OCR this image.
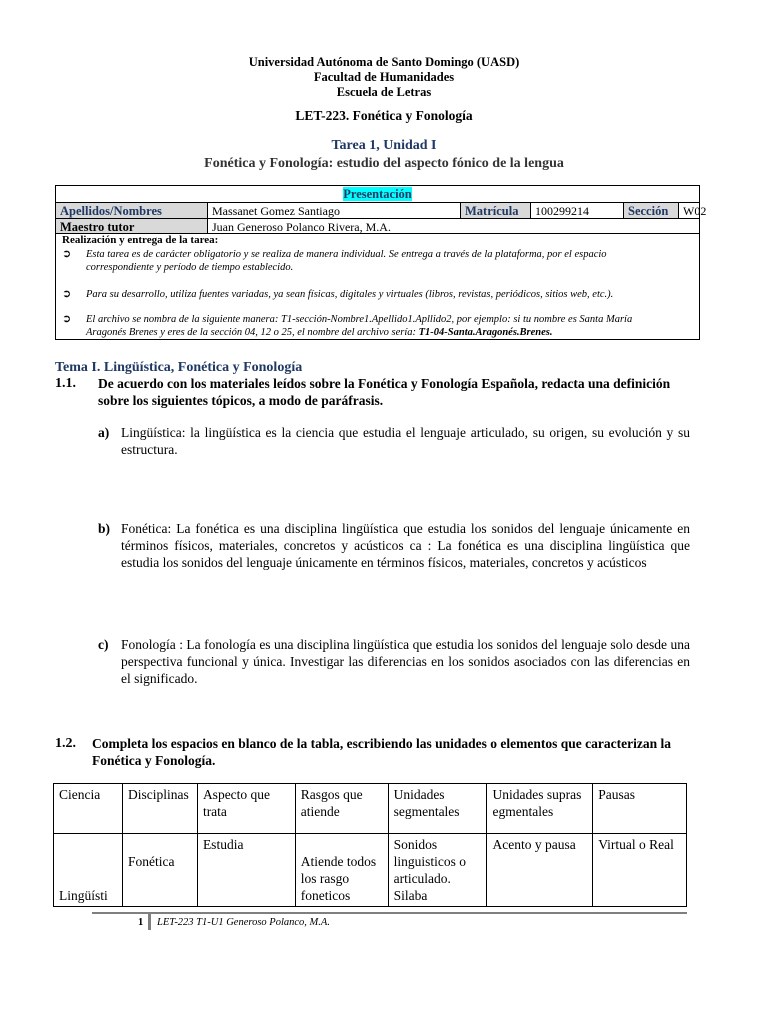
Universidad Autónoma de Santo Domingo (UASD)
Facultad de Humanidades
Escuela de Letras
LET-223. Fonética y Fonología
Tarea 1, Unidad I
Fonética y Fonología: estudio del aspecto fónico de la lengua
Presentación
Apellidos/Nombres	Massanet Gomez Santiago	Matrícula	100299214	Sección	W02
Maestro tutor	Juan Generoso Polanco Rivera, M.A.
Realización y entrega de la tarea:
➲ Esta tarea es de carácter obligatorio y se realiza de manera individual. Se entrega a través de la plataforma, por el espacio
correspondiente y período de tiempo establecido.
➲ Para su desarrollo, utiliza fuentes variadas, ya sean físicas, digitales y virtuales (libros, revistas, periódicos, sitios web, etc.).
➲ El archivo se nombra de la siguiente manera: T1-sección-Nombre1.Apellido1.Apllido2, por ejemplo: si tu nombre es Santa María
Aragonés Brenes y eres de la sección 04, 12 o 25, el nombre del archivo sería: T1-04-Santa.Aragonés.Brenes.
Tema I. Lingüística, Fonética y Fonología
1.1. De acuerdo con los materiales leídos sobre la Fonética y Fonología Española, redacta una definición
sobre los siguientes tópicos, a modo de paráfrasis.
a) Lingüística: la lingüística es la ciencia que estudia el lenguaje articulado, su origen, su evolución y su estructura.
b) Fonética: La fonética es una disciplina lingüística que estudia los sonidos del lenguaje únicamente en términos físicos, materiales, concretos y acústicos ca : La fonética es una disciplina lingüística que estudia los sonidos del lenguaje únicamente en términos físicos, materiales, concretos y acústicos
c) Fonología : La fonología es una disciplina lingüística que estudia los sonidos del lenguaje solo desde una perspectiva funcional y única. Investigar las diferencias en los sonidos asociados con las diferencias en el significado.
1.2. Completa los espacios en blanco de la tabla, escribiendo las unidades o elementos que caracterizan la
Fonética y Fonología.
Ciencia	Disciplinas	Aspecto que trata	Rasgos que atiende	Unidades segmentales	Unidades suprasegmentales	Pausas
Lingüísti	Fonética	Estudia	Atiende todos los rasgo foneticos	Sonidos linguisticos o articulado. Silaba	Acento y pausa	Virtual o Real
1 LET-223 T1-U1 Generoso Polanco, M.A.
